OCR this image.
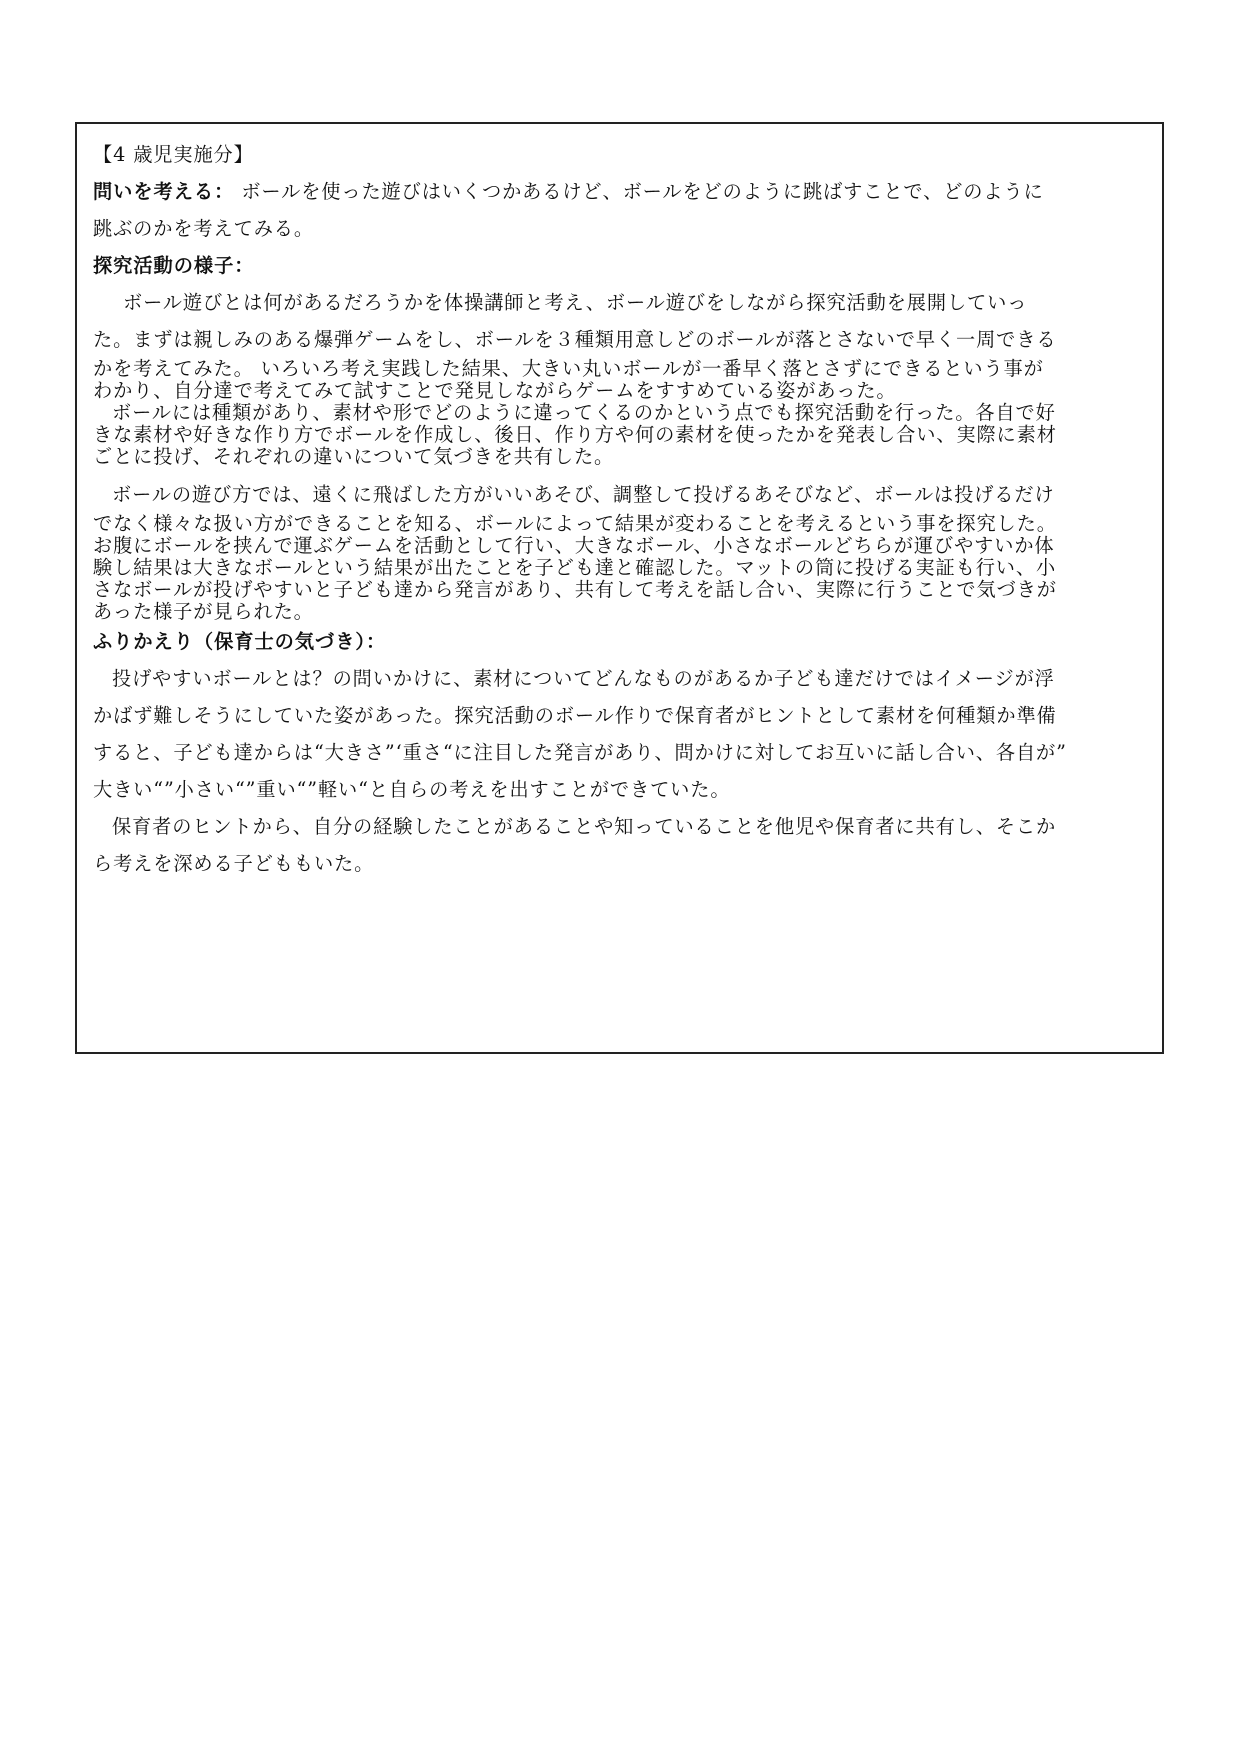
【4 歳児実施分】

問いを考える： ボールを使った遊びはいくつかあるけど、ボールをどのように跳ばすことで、どのように

跳ぶのかを考えてみる。

探究活動の様子：

ボール遊びとは何があるだろうかを体操講師と考え、ボール遊びをしながら探究活動を展開していっ

た。まずは親しみのある爆弾ゲームをし、ボールを３種類用意しどのボールが落とさないで早く一周できる

かを考えてみた。 いろいろ考え実践した結果、大きい丸いボールが一番早く落とさずにできるという事が

わかり、自分達で考えてみて試すことで発見しながらゲームをすすめている姿があった。

ボールには種類があり、素材や形でどのように違ってくるのかという点でも探究活動を行った。各自で好

きな素材や好きな作り方でボールを作成し、後日、作り方や何の素材を使ったかを発表し合い、実際に素材

ごとに投げ、それぞれの違いについて気づきを共有した。

ボールの遊び方では、遠くに飛ばした方がいいあそび、調整して投げるあそびなど、ボールは投げるだけ

でなく様々な扱い方ができることを知る、ボールによって結果が変わることを考えるという事を探究した。

お腹にボールを挟んで運ぶゲームを活動として行い、大きなボール、小さなボールどちらが運びやすいか体

験し結果は大きなボールという結果が出たことを子ども達と確認した。マットの筒に投げる実証も行い、小

さなボールが投げやすいと子ども達から発言があり、共有して考えを話し合い、実際に行うことで気づきが

あった様子が見られた。

ふりかえり（保育士の気づき）：

投げやすいボールとは？の問いかけに、素材についてどんなものがあるか子ども達だけではイメージが浮

かばず難しそうにしていた姿があった。探究活動のボール作りで保育者がヒントとして素材を何種類か準備

すると、子ども達からは“大きさ”‘重さ“に注目した発言があり、問かけに対してお互いに話し合い、各自が”

大きい“”小さい“”重い“”軽い“と自らの考えを出すことができていた。

保育者のヒントから、自分の経験したことがあることや知っていることを他児や保育者に共有し、そこか

ら考えを深める子どももいた。
